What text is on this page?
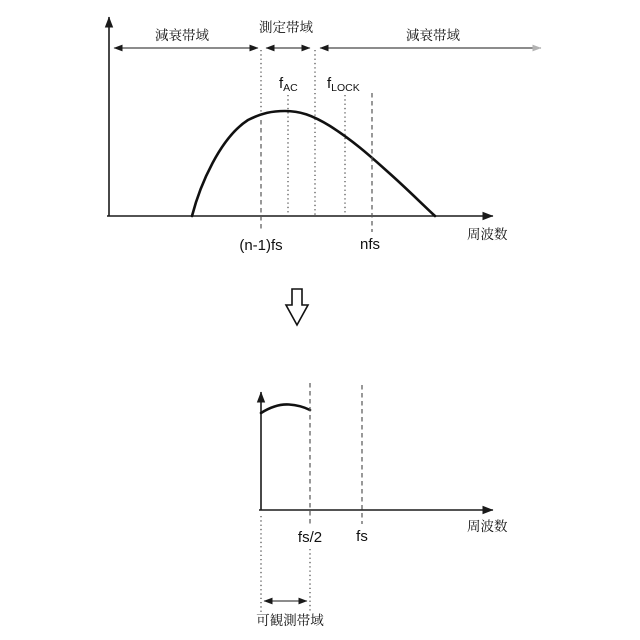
減衰帯域	測定帯域	減衰帯域
$f_{AC}$ $f_{LOCK}$
(n-1)fs	nfs
周波数
fs/2 fs
周波数
可観測帯域
